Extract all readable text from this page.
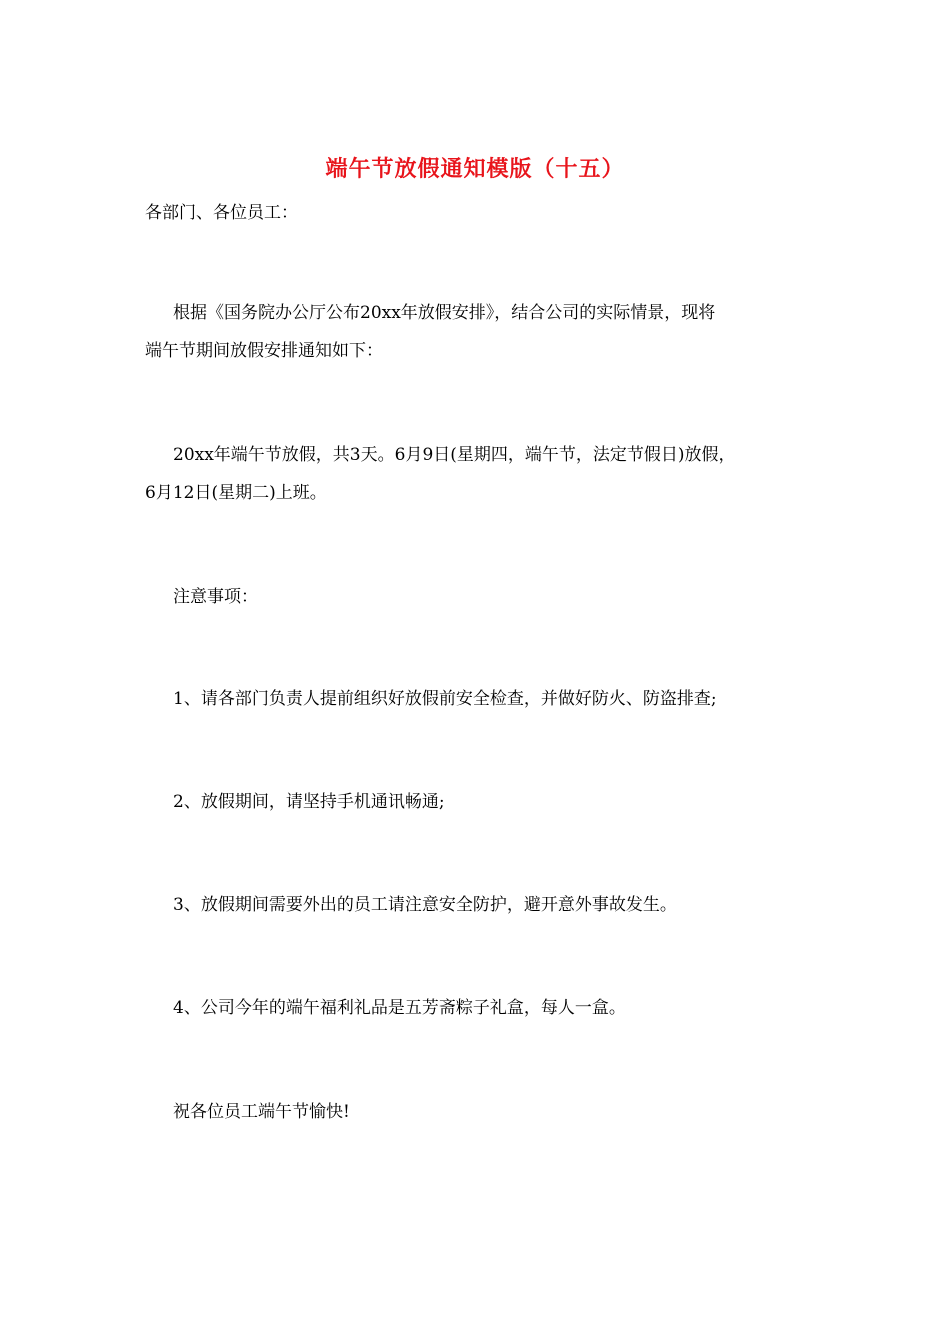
端午节放假通知模版（十五）
各部门、各位员工：
根据《国务院办公厅公布20xx年放假安排》，结合公司的实际情景，现将
端午节期间放假安排通知如下：
20xx年端午节放假，共3天。6月9日(星期四，端午节，法定节假日)放假，
6月12日(星期二)上班。
注意事项：
1、请各部门负责人提前组织好放假前安全检查，并做好防火、防盗排查;
2、放假期间，请坚持手机通讯畅通;
3、放假期间需要外出的员工请注意安全防护，避开意外事故发生。
4、公司今年的端午福利礼品是五芳斋粽子礼盒，每人一盒。
祝各位员工端午节愉快!
